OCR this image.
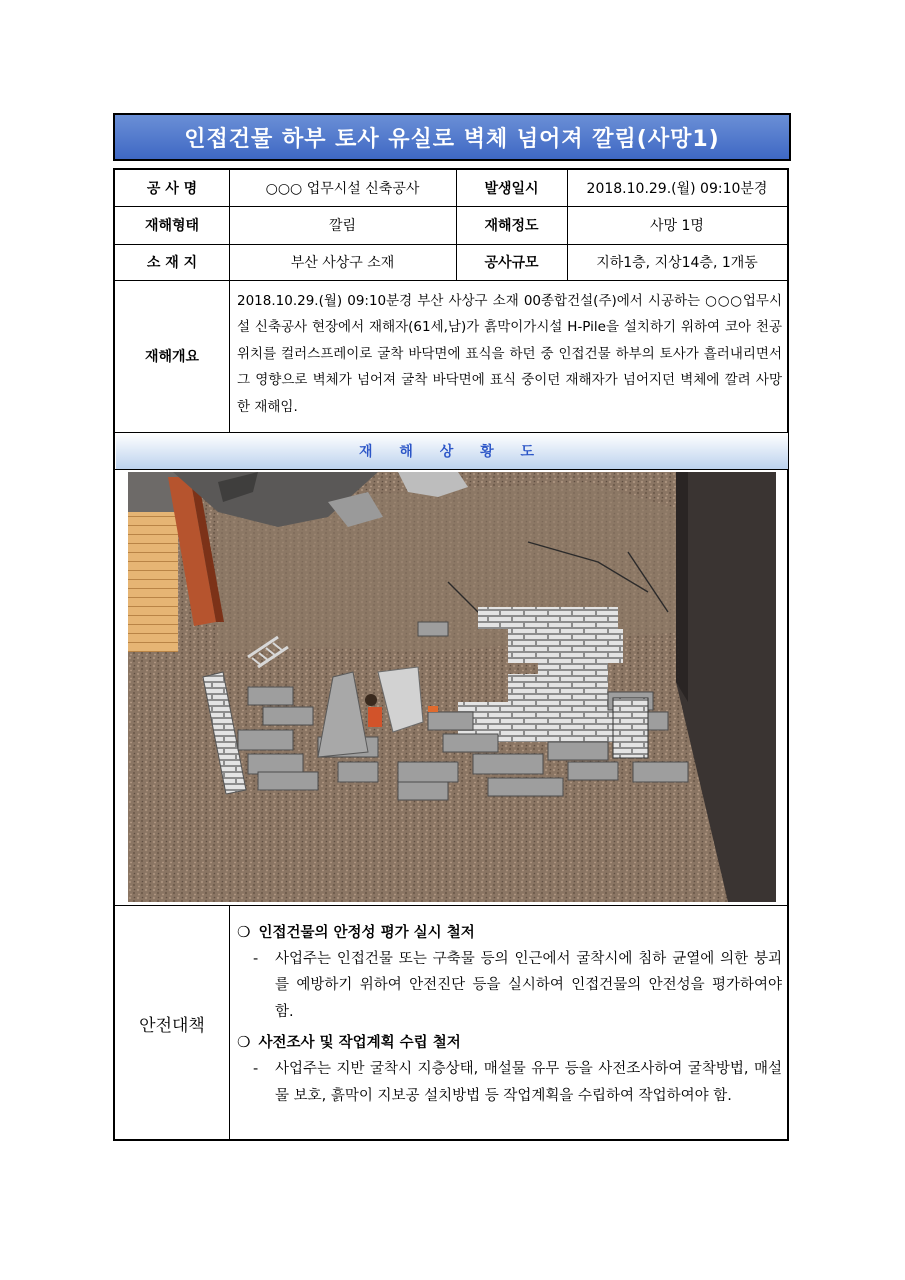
인접건물 하부 토사 유실로 벽체 넘어져 깔림(사망1)
공 사 명	○○○ 업무시설 신축공사	발생일시	2018.10.29.(월) 09:10분경
재해형태	깔림	재해정도	사망 1명
소 재 지	부산 사상구 소재	공사규모	지하1층, 지상14층, 1개동
재해개요
2018.10.29.(월) 09:10분경 부산 사상구 소재 00종합건설(주)에서 시공하는 ○○○업무시설 신축공사 현장에서 재해자(61세,남)가 흙막이가시설 H-Pile을 설치하기 위하여 코아 천공 위치를 컬러스프레이로 굴착 바닥면에 표식을 하던 중 인접건물 하부의 토사가 흘러내리면서 그 영향으로 벽체가 넘어져 굴착 바닥면에 표식 중이던 재해자가 넘어지던 벽체에 깔려 사망한 재해임.
재 해 상 황 도
안전대책
❍ 인접건물의 안정성 평가 실시 철저
-	사업주는 인접건물 또는 구축물 등의 인근에서 굴착시에 침하 균열에 의한 붕괴를 예방하기 위하여 안전진단 등을 실시하여 인접건물의 안전성을 평가하여야 함.
❍ 사전조사 및 작업계획 수립 철저
-	사업주는 지반 굴착시 지층상태, 매설물 유무 등을 사전조사하여 굴착방법, 매설물 보호, 흙막이 지보공 설치방법 등 작업계획을 수립하여 작업하여야 함.
